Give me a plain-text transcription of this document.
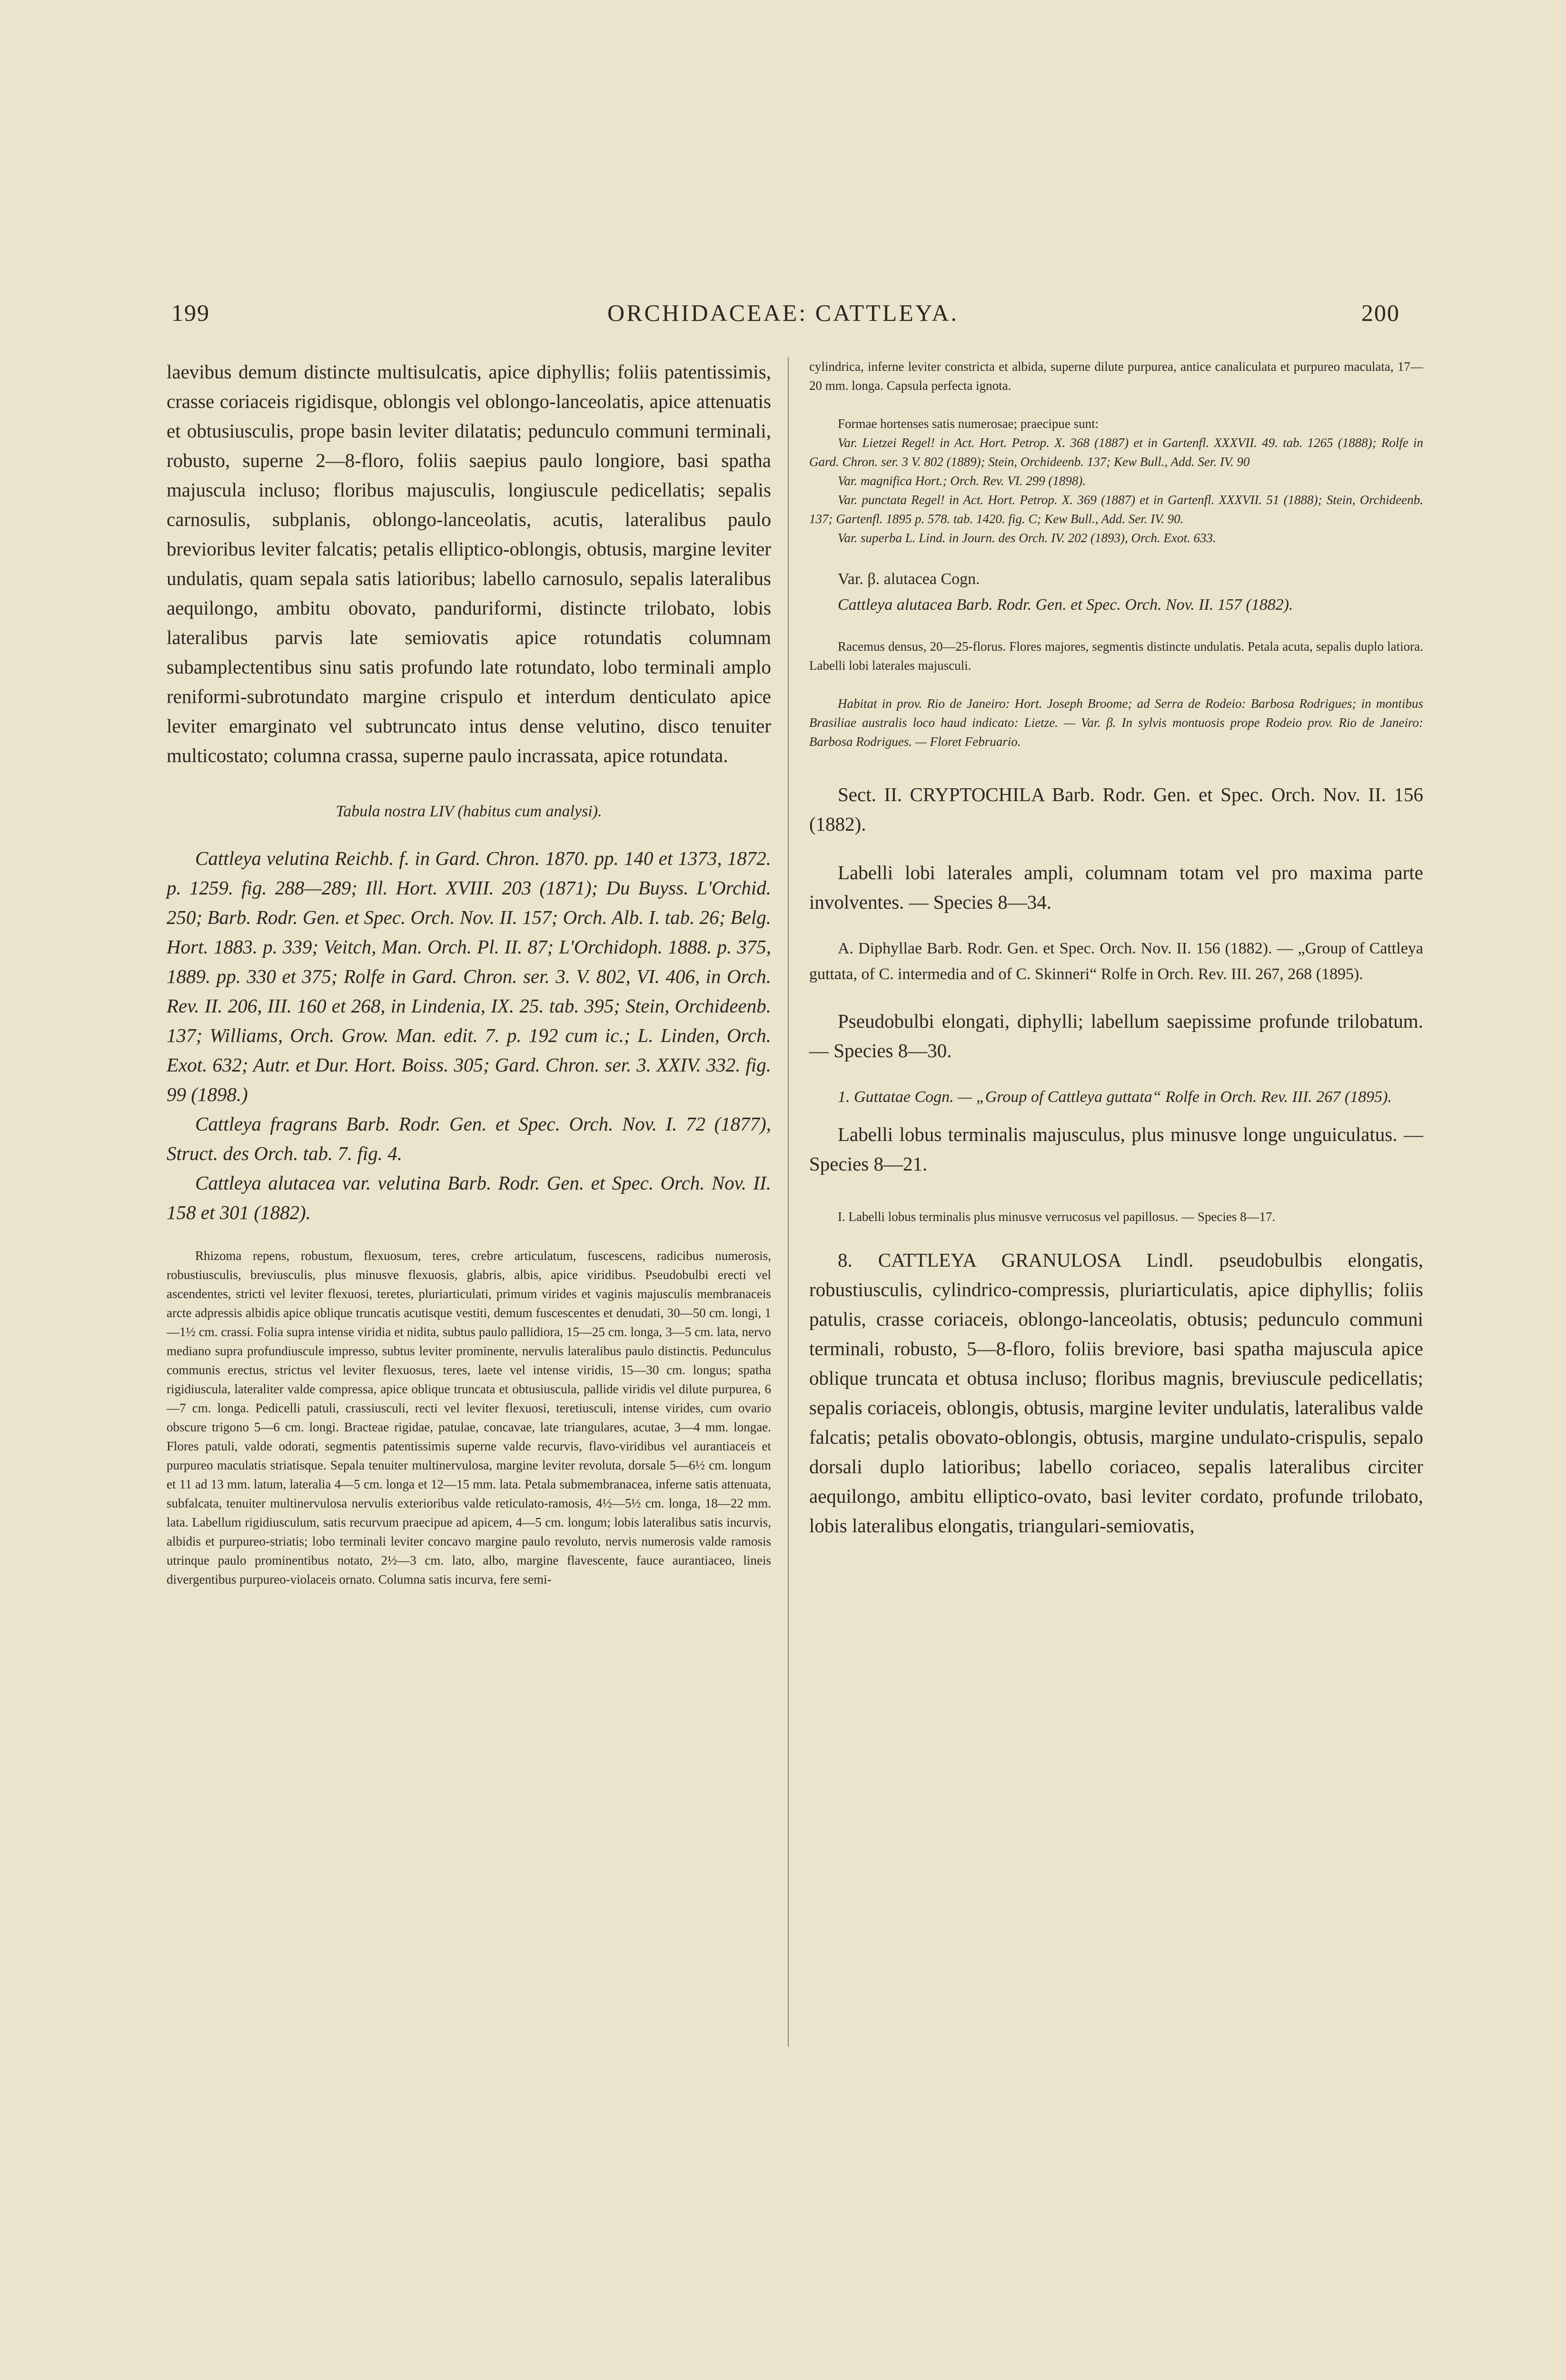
199	ORCHIDACEAE: CATTLEYA.	200

laevibus demum distincte multisulcatis, apice diphyllis; foliis patentissimis, crasse coriaceis rigidisque, oblongis vel oblongo-lanceolatis, apice attenuatis et obtusiusculis, prope basin leviter dilatatis; pedunculo communi terminali, robusto, superne 2—8-floro, foliis saepius paulo longiore, basi spatha majuscula incluso; floribus majusculis, longiuscule pedicellatis; sepalis carnosulis, subplanis, oblongo-lanceolatis, acutis, lateralibus paulo brevioribus leviter falcatis; petalis elliptico-oblongis, obtusis, margine leviter undulatis, quam sepala satis latioribus; labello carnosulo, sepalis lateralibus aequilongo, ambitu obovato, panduriformi, distincte trilobato, lobis lateralibus parvis late semiovatis apice rotundatis columnam subamplectentibus sinu satis profundo late rotundato, lobo terminali amplo reniformi-subrotundato margine crispulo et interdum denticulato apice leviter emarginato vel subtruncato intus dense velutino, disco tenuiter multicostato; columna crassa, superne paulo incrassata, apice rotundata.

Tabula nostra LIV (habitus cum analysi).

Cattleya velutina Reichb. f. in Gard. Chron. 1870. pp. 140 et 1373, 1872. p. 1259. fig. 288—289; Ill. Hort. XVIII. 203 (1871); Du Buyss. L'Orchid. 250; Barb. Rodr. Gen. et Spec. Orch. Nov. II. 157; Orch. Alb. I. tab. 26; Belg. Hort. 1883. p. 339; Veitch, Man. Orch. Pl. II. 87; L'Orchidoph. 1888. p. 375, 1889. pp. 330 et 375; Rolfe in Gard. Chron. ser. 3. V. 802, VI. 406, in Orch. Rev. II. 206, III. 160 et 268, in Lindenia, IX. 25. tab. 395; Stein, Orchideenb. 137; Williams, Orch. Grow. Man. edit. 7. p. 192 cum ic.; L. Linden, Orch. Exot. 632; Autr. et Dur. Hort. Boiss. 305; Gard. Chron. ser. 3. XXIV. 332. fig. 99 (1898.)

Cattleya fragrans Barb. Rodr. Gen. et Spec. Orch. Nov. I. 72 (1877), Struct. des Orch. tab. 7. fig. 4.

Cattleya alutacea var. velutina Barb. Rodr. Gen. et Spec. Orch. Nov. II. 158 et 301 (1882).

Rhizoma repens, robustum, flexuosum, teres, crebre articulatum, fuscescens, radicibus numerosis, robustiusculis, breviusculis, plus minusve flexuosis, glabris, albis, apice viridibus. Pseudobulbi erecti vel ascendentes, stricti vel leviter flexuosi, teretes, pluriarticulati, primum virides et vaginis majusculis membranaceis arcte adpressis albidis apice oblique truncatis acutisque vestiti, demum fuscescentes et denudati, 30—50 cm. longi, 1—1½ cm. crassi. Folia supra intense viridia et nidita, subtus paulo pallidiora, 15—25 cm. longa, 3—5 cm. lata, nervo mediano supra profundiuscule impresso, subtus leviter prominente, nervulis lateralibus paulo distinctis. Pedunculus communis erectus, strictus vel leviter flexuosus, teres, laete vel intense viridis, 15—30 cm. longus; spatha rigidiuscula, lateraliter valde compressa, apice oblique truncata et obtusiuscula, pallide viridis vel dilute purpurea, 6—7 cm. longa. Pedicelli patuli, crassiusculi, recti vel leviter flexuosi, teretiusculi, intense virides, cum ovario obscure trigono 5—6 cm. longi. Bracteae rigidae, patulae, concavae, late triangulares, acutae, 3—4 mm. longae. Flores patuli, valde odorati, segmentis patentissimis superne valde recurvis, flavo-viridibus vel aurantiaceis et purpureo maculatis striatisque. Sepala tenuiter multinervulosa, margine leviter revoluta, dorsale 5—6½ cm. longum et 11 ad 13 mm. latum, lateralia 4—5 cm. longa et 12—15 mm. lata. Petala submembranacea, inferne satis attenuata, subfalcata, tenuiter multinervulosa nervulis exterioribus valde reticulato-ramosis, 4½—5½ cm. longa, 18—22 mm. lata. Labellum rigidiusculum, satis recurvum praecipue ad apicem, 4—5 cm. longum; lobis lateralibus satis incurvis, albidis et purpureo-striatis; lobo terminali leviter concavo margine paulo revoluto, nervis numerosis valde ramosis utrinque paulo prominentibus notato, 2½—3 cm. lato, albo, margine flavescente, fauce aurantiaceo, lineis divergentibus purpureo-violaceis ornato. Columna satis incurva, fere semi-

cylindrica, inferne leviter constricta et albida, superne dilute purpurea, antice canaliculata et purpureo maculata, 17—20 mm. longa. Capsula perfecta ignota.

Formae hortenses satis numerosae; praecipue sunt:

Var. Lietzei Regel! in Act. Hort. Petrop. X. 368 (1887) et in Gartenfl. XXXVII. 49. tab. 1265 (1888); Rolfe in Gard. Chron. ser. 3 V. 802 (1889); Stein, Orchideenb. 137; Kew Bull., Add. Ser. IV. 90

Var. magnifica Hort.; Orch. Rev. VI. 299 (1898).

Var. punctata Regel! in Act. Hort. Petrop. X. 369 (1887) et in Gartenfl. XXXVII. 51 (1888); Stein, Orchideenb. 137; Gartenfl. 1895 p. 578. tab. 1420. fig. C; Kew Bull., Add. Ser. IV. 90.

Var. superba L. Lind. in Journ. des Orch. IV. 202 (1893), Orch. Exot. 633.

Var. β. alutacea Cogn.

Cattleya alutacea Barb. Rodr. Gen. et Spec. Orch. Nov. II. 157 (1882).

Racemus densus, 20—25-florus. Flores majores, segmentis distincte undulatis. Petala acuta, sepalis duplo latiora. Labelli lobi laterales majusculi.

Habitat in prov. Rio de Janeiro: Hort. Joseph Broome; ad Serra de Rodeio: Barbosa Rodrigues; in montibus Brasiliae australis loco haud indicato: Lietze. — Var. β. In sylvis montuosis prope Rodeio prov. Rio de Janeiro: Barbosa Rodrigues. — Floret Februario.

Sect. II. CRYPTOCHILA Barb. Rodr. Gen. et Spec. Orch. Nov. II. 156 (1882).

Labelli lobi laterales ampli, columnam totam vel pro maxima parte involventes. — Species 8—34.

A. Diphyllae Barb. Rodr. Gen. et Spec. Orch. Nov. II. 156 (1882). — „Group of Cattleya guttata, of C. intermedia and of C. Skinneri“ Rolfe in Orch. Rev. III. 267, 268 (1895).

Pseudobulbi elongati, diphylli; labellum saepissime profunde trilobatum. — Species 8—30.

1. Guttatae Cogn. — „Group of Cattleya guttata“ Rolfe in Orch. Rev. III. 267 (1895).

Labelli lobus terminalis majusculus, plus minusve longe unguiculatus. — Species 8—21.

I. Labelli lobus terminalis plus minusve verrucosus vel papillosus. — Species 8—17.

8. CATTLEYA GRANULOSA Lindl. pseudobulbis elongatis, robustiusculis, cylindrico-compressis, pluriarticulatis, apice diphyllis; foliis patulis, crasse coriaceis, oblongo-lanceolatis, obtusis; pedunculo communi terminali, robusto, 5—8-floro, foliis breviore, basi spatha majuscula apice oblique truncata et obtusa incluso; floribus magnis, breviuscule pedicellatis; sepalis coriaceis, oblongis, obtusis, margine leviter undulatis, lateralibus valde falcatis; petalis obovato-oblongis, obtusis, margine undulato-crispulis, sepalo dorsali duplo latioribus; labello coriaceo, sepalis lateralibus circiter aequilongo, ambitu elliptico-ovato, basi leviter cordato, profunde trilobato, lobis lateralibus elongatis, triangulari-semiovatis,
